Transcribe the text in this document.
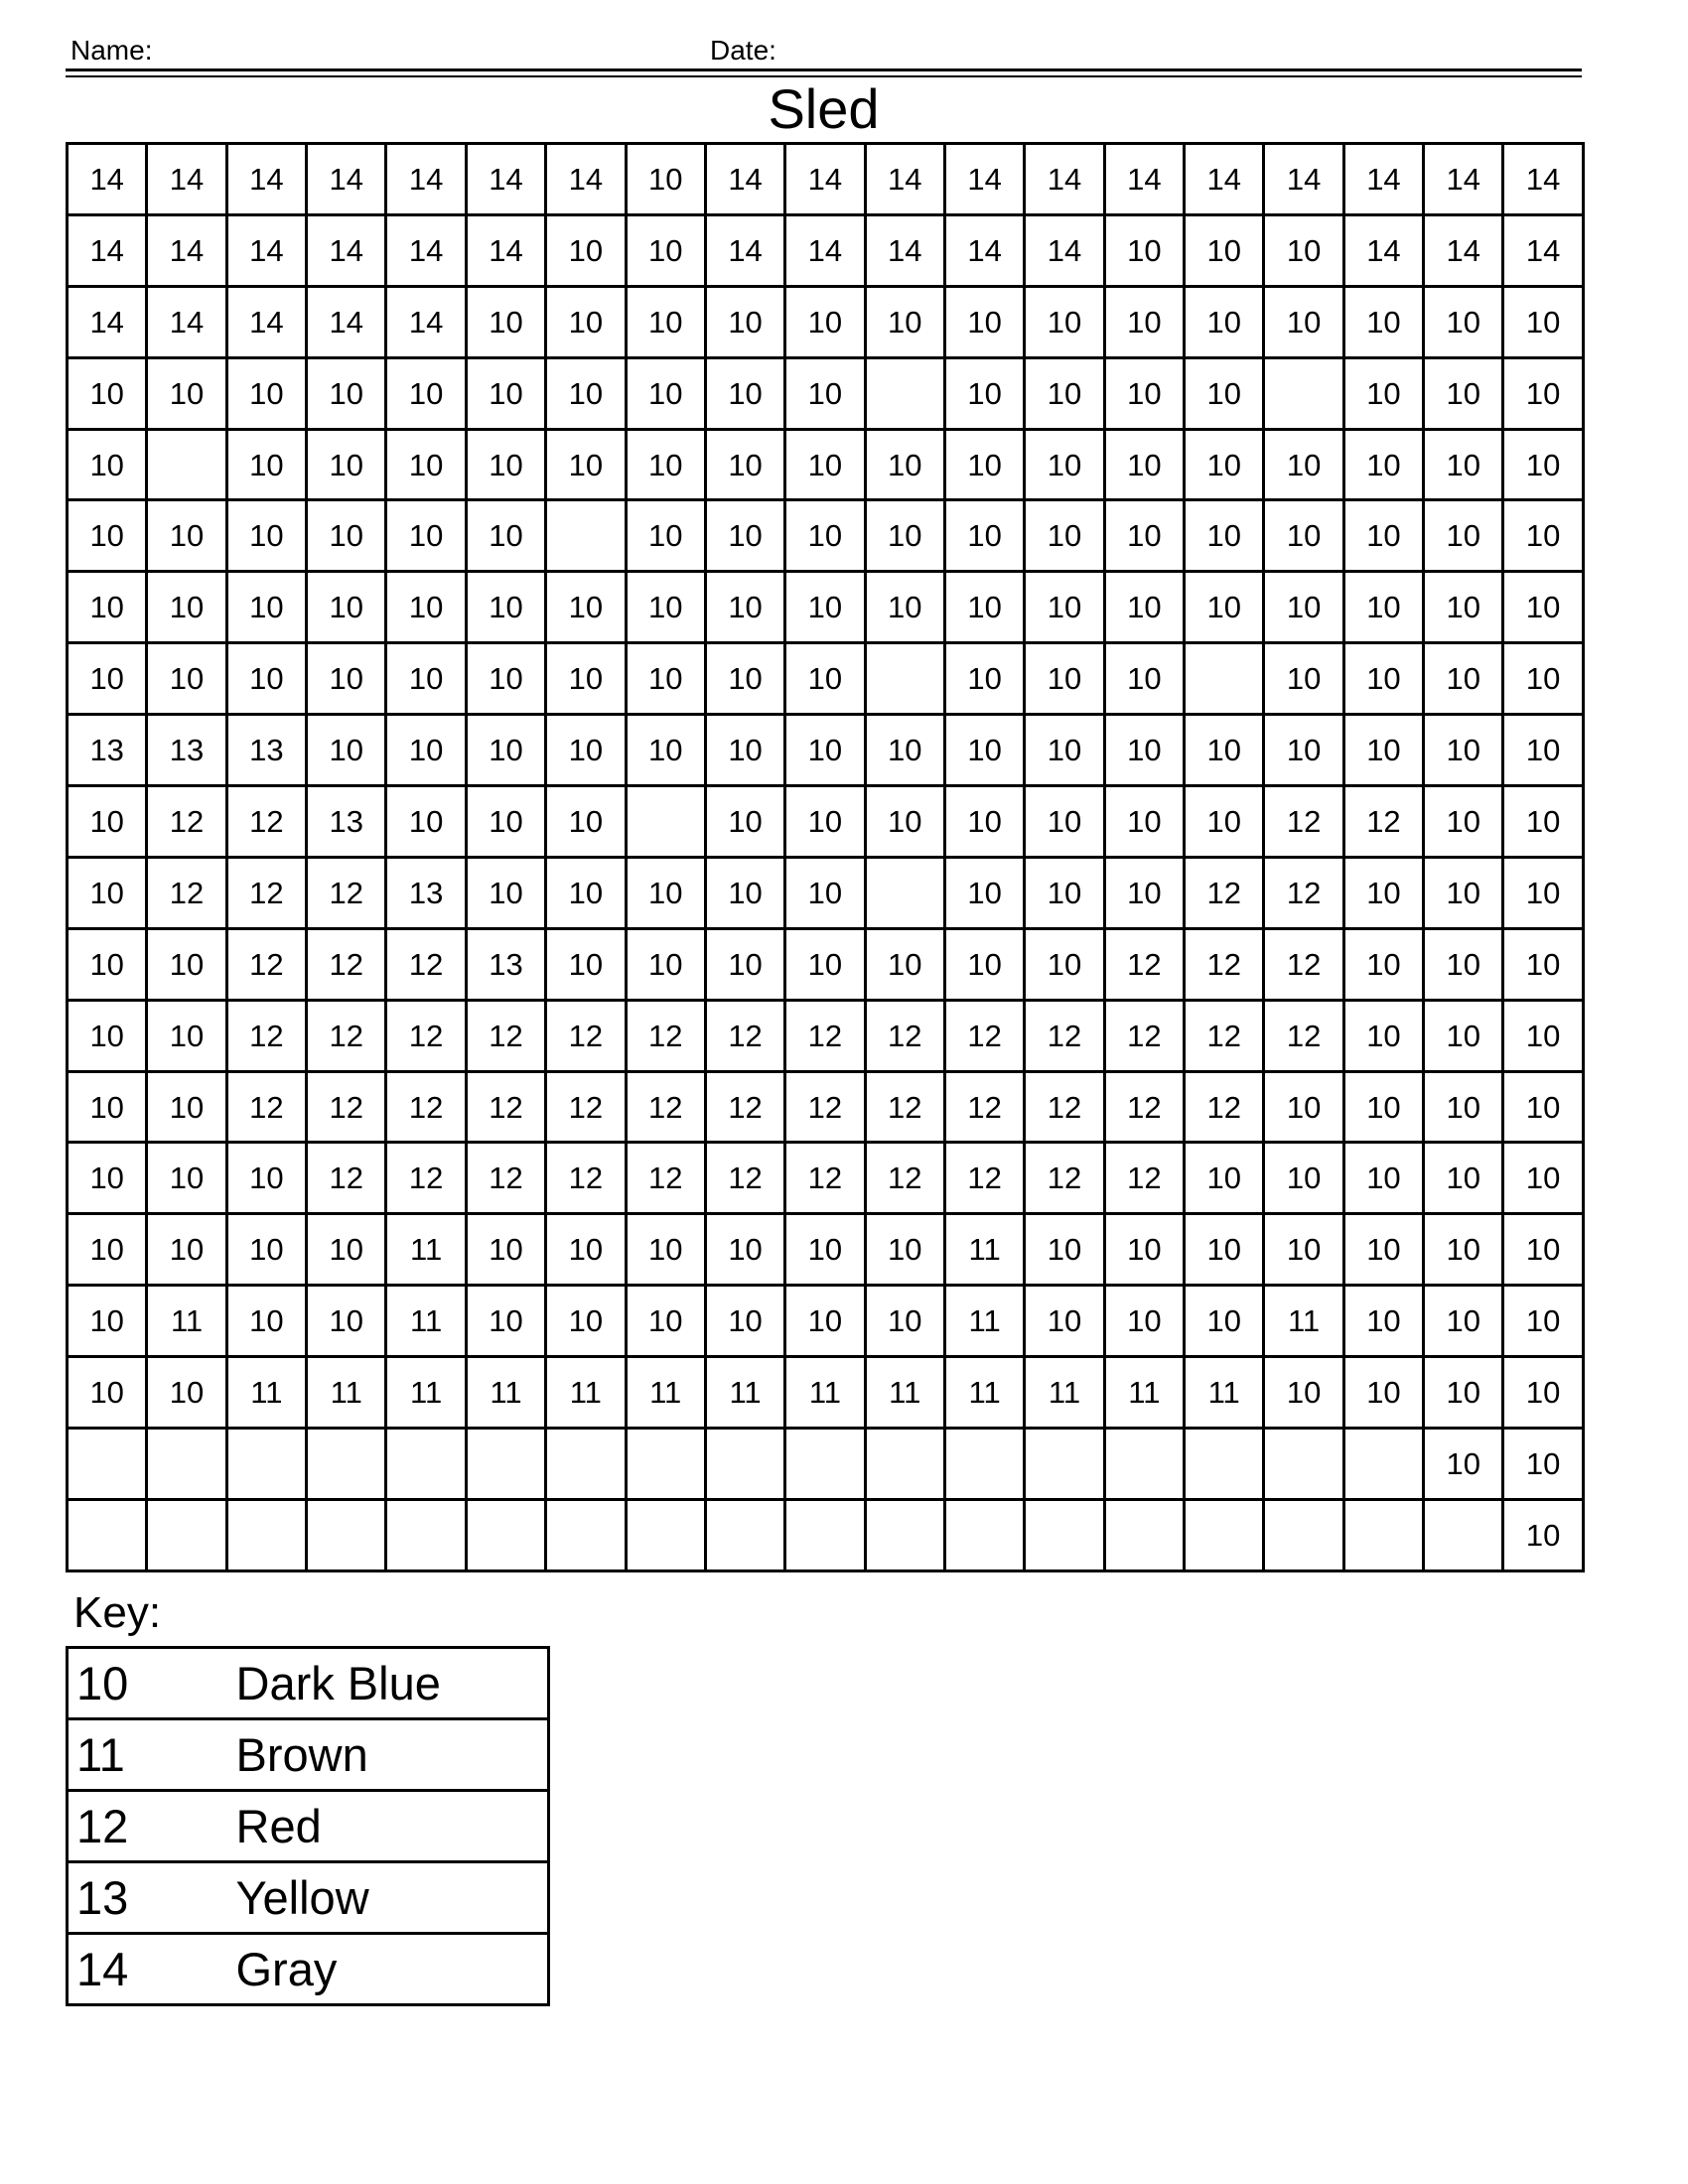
Name:	Date:
Sled
14	14	14	14	14	14	14	10	14	14	14	14	14	14	14	14	14	14	14
14	14	14	14	14	14	10	10	14	14	14	14	14	10	10	10	14	14	14
14	14	14	14	14	10	10	10	10	10	10	10	10	10	10	10	10	10	10
10	10	10	10	10	10	10	10	10	10		10	10	10	10		10	10	10
10		10	10	10	10	10	10	10	10	10	10	10	10	10	10	10	10	10
10	10	10	10	10	10		10	10	10	10	10	10	10	10	10	10	10	10
10	10	10	10	10	10	10	10	10	10	10	10	10	10	10	10	10	10	10
10	10	10	10	10	10	10	10	10	10		10	10	10		10	10	10	10
13	13	13	10	10	10	10	10	10	10	10	10	10	10	10	10	10	10	10
10	12	12	13	10	10	10		10	10	10	10	10	10	10	12	12	10	10
10	12	12	12	13	10	10	10	10	10		10	10	10	12	12	10	10	10
10	10	12	12	12	13	10	10	10	10	10	10	10	12	12	12	10	10	10
10	10	12	12	12	12	12	12	12	12	12	12	12	12	12	12	10	10	10
10	10	12	12	12	12	12	12	12	12	12	12	12	12	12	10	10	10	10
10	10	10	12	12	12	12	12	12	12	12	12	12	12	10	10	10	10	10
10	10	10	10	11	10	10	10	10	10	10	11	10	10	10	10	10	10	10
10	11	10	10	11	10	10	10	10	10	10	11	10	10	10	11	10	10	10
10	10	11	11	11	11	11	11	11	11	11	11	11	11	11	10	10	10	10
																	10	10
																		10
Key:
10	Dark Blue
11	Brown
12	Red
13	Yellow
14	Gray
